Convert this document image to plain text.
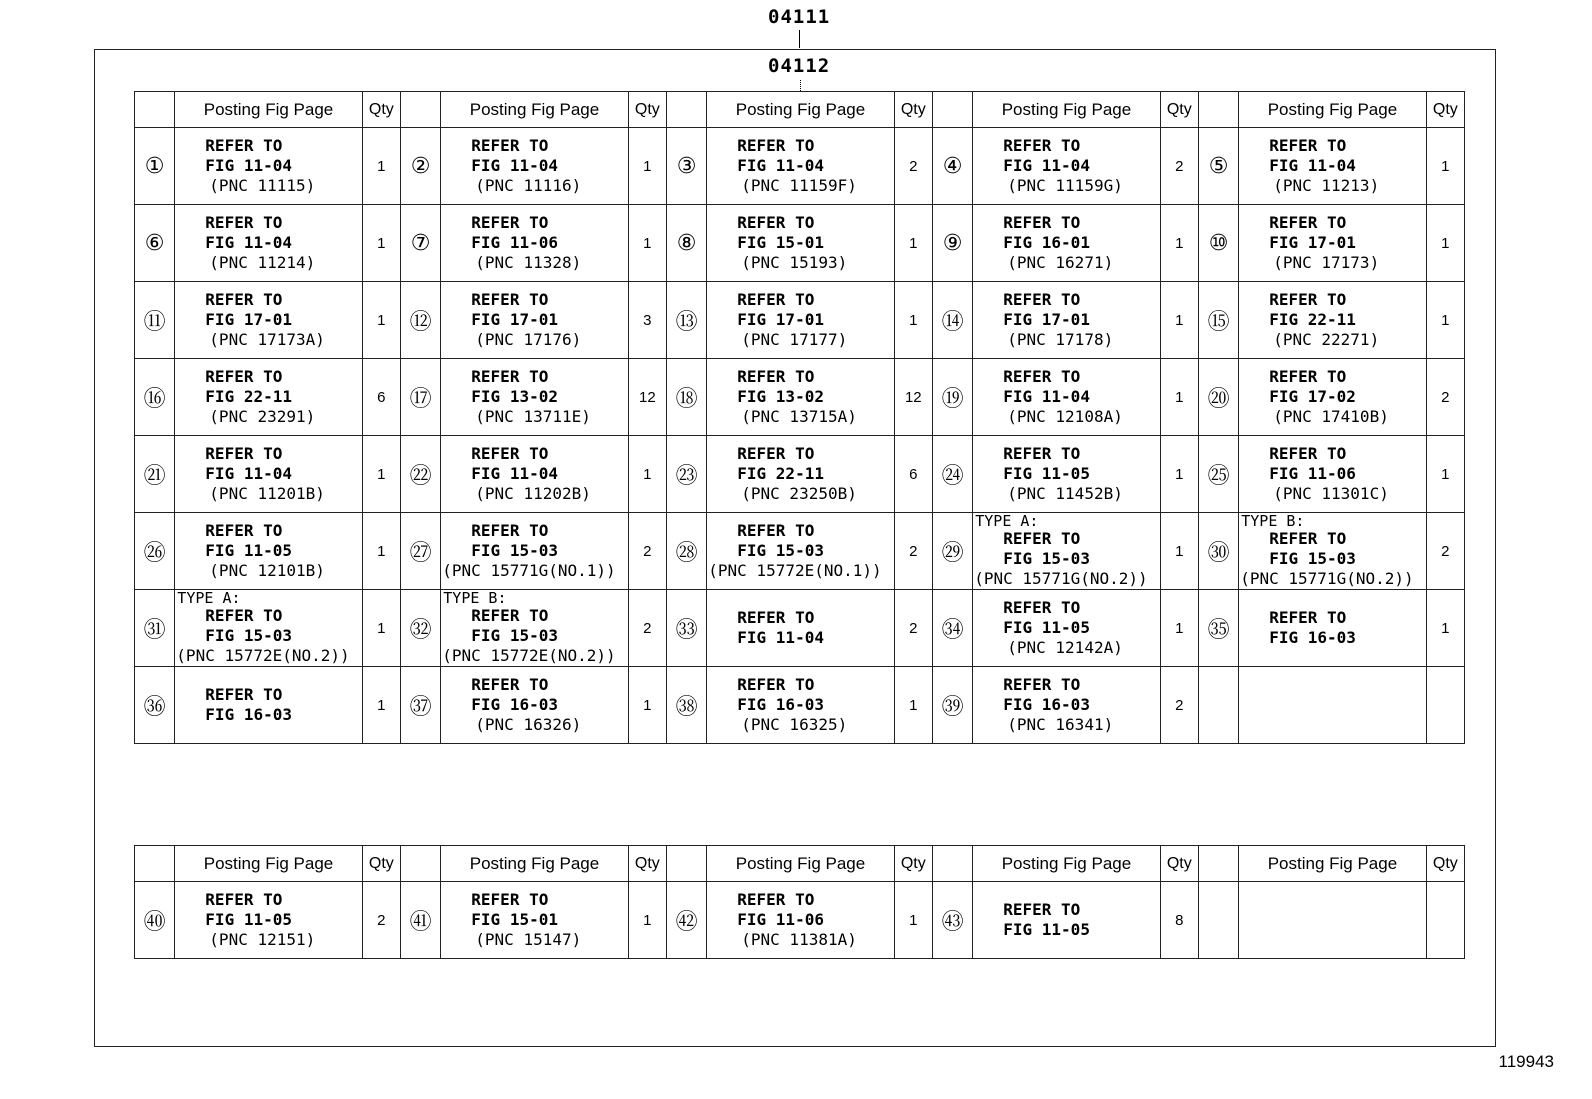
04111
04112
	Posting Fig Page	Qty		Posting Fig Page	Qty		Posting Fig Page	Qty		Posting Fig Page	Qty		Posting Fig Page	Qty
①	REFER TO
FIG 11-04
(PNC 11115)	1	②	REFER TO
FIG 11-04
(PNC 11116)	1	③	REFER TO
FIG 11-04
(PNC 11159F)	2	④	REFER TO
FIG 11-04
(PNC 11159G)	2	⑤	REFER TO
FIG 11-04
(PNC 11213)	1
⑥	REFER TO
FIG 11-04
(PNC 11214)	1	⑦	REFER TO
FIG 11-06
(PNC 11328)	1	⑧	REFER TO
FIG 15-01
(PNC 15193)	1	⑨	REFER TO
FIG 16-01
(PNC 16271)	1	⑩	REFER TO
FIG 17-01
(PNC 17173)	1
⑪	REFER TO
FIG 17-01
(PNC 17173A)	1	⑫	REFER TO
FIG 17-01
(PNC 17176)	3	⑬	REFER TO
FIG 17-01
(PNC 17177)	1	⑭	REFER TO
FIG 17-01
(PNC 17178)	1	⑮	REFER TO
FIG 22-11
(PNC 22271)	1
⑯	REFER TO
FIG 22-11
(PNC 23291)	6	⑰	REFER TO
FIG 13-02
(PNC 13711E)	12	⑱	REFER TO
FIG 13-02
(PNC 13715A)	12	⑲	REFER TO
FIG 11-04
(PNC 12108A)	1	⑳	REFER TO
FIG 17-02
(PNC 17410B)	2
㉑	REFER TO
FIG 11-04
(PNC 11201B)	1	㉒	REFER TO
FIG 11-04
(PNC 11202B)	1	㉓	REFER TO
FIG 22-11
(PNC 23250B)	6	㉔	REFER TO
FIG 11-05
(PNC 11452B)	1	㉕	REFER TO
FIG 11-06
(PNC 11301C)	1
㉖	REFER TO
FIG 11-05
(PNC 12101B)	1	㉗	REFER TO
FIG 15-03
(PNC 15771G(NO.1))	2	㉘	REFER TO
FIG 15-03
(PNC 15772E(NO.1))	2	㉙	TYPE A:
REFER TO
FIG 15-03
(PNC 15771G(NO.2))	1	㉚	TYPE B:
REFER TO
FIG 15-03
(PNC 15771G(NO.2))	2
㉛	TYPE A:
REFER TO
FIG 15-03
(PNC 15772E(NO.2))	1	㉜	TYPE B:
REFER TO
FIG 15-03
(PNC 15772E(NO.2))	2	㉝	REFER TO
FIG 11-04	2	㉞	REFER TO
FIG 11-05
(PNC 12142A)	1	㉟	REFER TO
FIG 16-03	1
㊱	REFER TO
FIG 16-03	1	㊲	REFER TO
FIG 16-03
(PNC 16326)	1	㊳	REFER TO
FIG 16-03
(PNC 16325)	1	㊴	REFER TO
FIG 16-03
(PNC 16341)	2			
	Posting Fig Page	Qty		Posting Fig Page	Qty		Posting Fig Page	Qty		Posting Fig Page	Qty		Posting Fig Page	Qty
㊵	REFER TO
FIG 11-05
(PNC 12151)	2	㊶	REFER TO
FIG 15-01
(PNC 15147)	1	㊷	REFER TO
FIG 11-06
(PNC 11381A)	1	㊸	REFER TO
FIG 11-05	8			
119943
